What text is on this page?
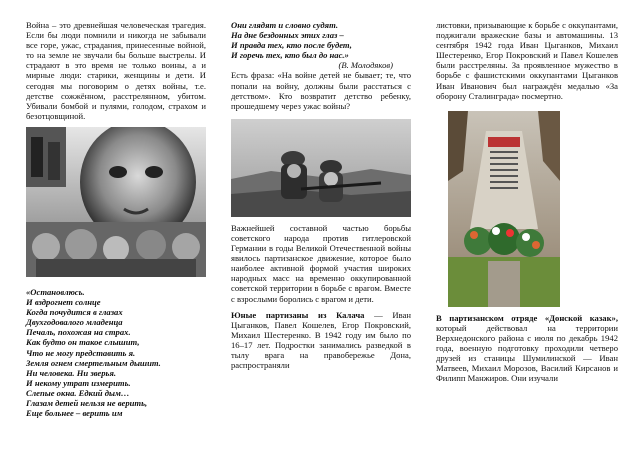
Война – это древнейшая человеческая трагедия. Если бы люди помнили и никогда не забывали все горе, ужас, страдания, принесенные войной, то на земле не звучали бы больше выстрелы. И страдают в это время не только воины, а и мирные люди: старики, женщины и дети. И сегодня мы поговорим о детях войны, т.е. детстве сожжённом, расстрелянном, убитом. Убивали бомбой и пулями, голодом, страхом и безотцовщиной.

«Остановлюсь.
И вздрогнет солнце
Когда почудится в глазах
Двухгодовалого младенца
Печаль, похожая на страх.
Как будто он такое слышит,
Что не могу представить я.
Земля огнем смертельным дышит.
Ни человека. Ни зверья.
И некому утрат измерить.
Слепые окна. Едкий дым…
Глазам детей нельзя не верить,
Еще больнее – верить им
Они глядят и словно судят.
На дне бездонных этих глаз –
И правда тех, кто после будет,
И горечь тех, кто был до нас.»

(В. Молодяков)

Есть фраза: «На войне детей не бывает; те, что попали на войну, должны были расстаться с детством». Кто возвратит детство ребенку, прошедшему через ужас войны?

Важнейшей составной частью борьбы советского народа против гитлеровской Германии в годы Великой Отечественной войны явилось партизанское движение, которое было наиболее активной формой участия широких народных масс на временно оккупированной советской территории в борьбе с врагом. Вместе с взрослыми боролись с врагом и дети.

Юные партизаны из Калача — Иван Цыганков, Павел Кошелев, Егор Покровский, Михаил Шестеренко. В 1942 году им было по 16–17 лет. Подростки занимались разведкой в тылу врага на правобережье Дона, распространяли

листовки, призывающие к борьбе с оккупантами, поджигали вражеские базы и автомашины. 13 сентября 1942 года Иван Цыганков, Михаил Шестеренко, Егор Покровский и Павел Кошелев были расстреляны. За проявленное мужество в борьбе с фашистскими оккупантами Цыганков Иван Иванович был награждён медалью «За оборону Сталинграда» посмертно.

В партизанском отряде «Донской казак», который действовал на территории Верхнедонского района с июля по декабрь 1942 года, военную подготовку проходили четверо друзей из станицы Шумилинской — Иван Матвеев, Михаил Морозов, Василий Кирсанов и Филипп Манжиров. Они изучали
